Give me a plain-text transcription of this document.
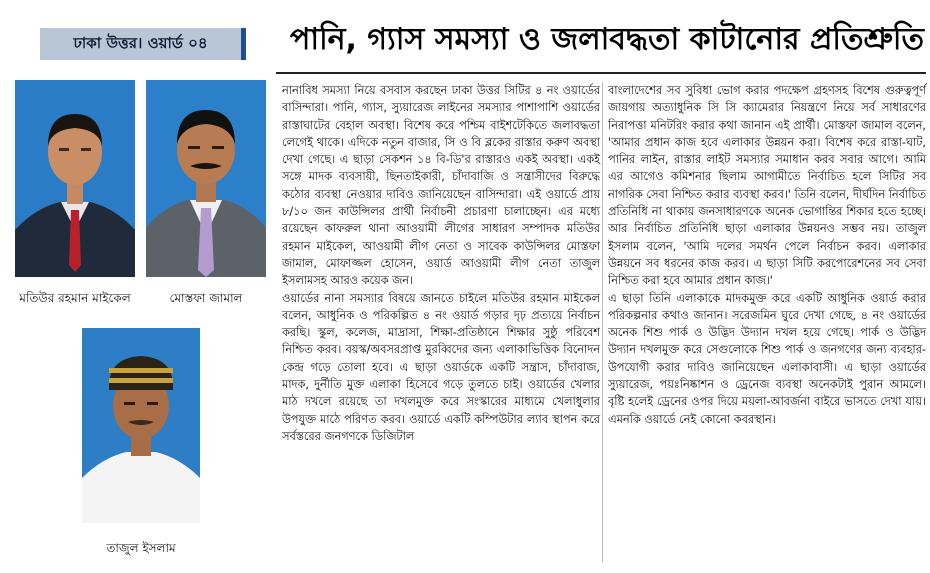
ঢাকা উত্তর। ওয়ার্ড ০৪	পানি, গ্যাস সমস্যা ও জলাবদ্ধতা কাটানোর প্রতিশ্রুতি
মতিউর রহমান মাইকেল	মোস্তফা জামাল
তাজুল ইসলাম

নানাবিধ সমস্যা নিয়ে বসবাস করছেন ঢাকা উত্তর সিটির ৪ নং ওয়ার্ডের বাসিন্দারা। পানি, গ্যাস, স্যুয়ারেজ লাইনের সমস্যার পাশাপাশি ওয়ার্ডের রাস্তাঘাটের বেহাল অবস্থা। বিশেষ করে পশ্চিম বাইশটেকিতে জলাবদ্ধতা লেগেই থাকে। এদিকে নতুন বাজার, সি ও বি ব্লকের রাস্তার করুণ অবস্থা দেখা গেছে। এ ছাড়া সেকশন ১৪ বি-ডি'র রাস্তারও একই অবস্থা। একই সঙ্গে মাদক ব্যবসায়ী, ছিনতাইকারী, চাঁদাবাজি ও সন্ত্রাসীদের বিরুদ্ধে কঠোর ব্যবস্থা নেওয়ার দাবিও জানিয়েছেন বাসিন্দারা। এই ওয়ার্ডে প্রায় ৮/১০ জন কাউন্সিলর প্রার্থী নির্বাচনী প্রচারণা চালাচ্ছেন। এর মধ্যে রয়েছেন কাফরুল থানা আওয়ামী লীগের সাধারণ সম্পাদক মতিউর রহমান মাইকেল, আওয়ামী লীগ নেতা ও সাবেক কাউন্সিলর মোস্তফা জামাল, মোফাজ্জল হোসেন, ওয়ার্ড আওয়ামী লীগ নেতা তাজুল ইসলামসহ আরও কয়েক জন।

ওয়ার্ডের নানা সমস্যার বিষয়ে জানতে চাইলে মতিউর রহমান মাইকেল বলেন, আধুনিক ও পরিকল্পিত ৪ নং ওয়ার্ড গড়ার দৃঢ় প্রত্যয়ে নির্বাচন করছি। স্কুল, কলেজ, মাদ্রাসা, শিক্ষা-প্রতিষ্ঠানে শিক্ষার সুষ্ঠু পরিবেশ নিশ্চিত করব। বয়স্ক/অবসরপ্রাপ্ত মুরব্বিদের জন্য এলাকাভিত্তিক বিনোদন কেন্দ্র গড়ে তোলা হবে। এ ছাড়া ওয়ার্ডকে একটি সন্ত্রাস, চাঁদাবাজ, মাদক, দুর্নীতি মুক্ত এলাকা হিসেবে গড়ে তুলতে চাই। ওয়ার্ডের খেলার মাঠ দখলে রয়েছে তা দখলমুক্ত করে সংস্কারের মাধ্যমে খেলাধুলার উপযুক্ত মাঠে পরিণত করব। ওয়ার্ডে একটি কম্পিউটার ল্যাব স্থাপন করে সর্বস্তরের জনগণকে ডিজিটাল

বাংলাদেশের সব সুবিধা ভোগ করার পদক্ষেপ গ্রহণসহ বিশেষ গুরুত্বপূর্ণ জায়গায় অত্যাধুনিক সি সি ক্যামেরার নিয়ন্ত্রণে নিয়ে সর্ব সাধারণের নিরাপত্তা মনিটরিং করার কথা জানান এই প্রার্থী। মোস্তফা জামাল বলেন, 'আমার প্রধান কাজ হবে এলাকার উন্নয়ন করা। বিশেষ করে রাস্তা-ঘাট, পানির লাইন, রাস্তার লাইট সমস্যার সমাধান করব সবার আগে। আমি এর আগেও কমিশনার ছিলাম আগামীতে নির্বাচিত হলে সিটির সব নাগরিক সেবা নিশ্চিত করার ব্যবস্থা করব।' তিনি বলেন, দীর্ঘদিন নির্বাচিত প্রতিনিধি না থাকায় জনসাধারণকে অনেক ভোগান্তির শিকার হতে হচ্ছে। আর নির্বাচিত প্রতিনিধি ছাড়া এলাকার উন্নয়নও সম্ভব নয়। তাজুল ইসলাম বলেন, 'আমি দলের সমর্থন পেলে নির্বাচন করব। এলাকার উন্নয়নে সব ধরনের কাজ করব। এ ছাড়া সিটি করপোরেশনের সব সেবা নিশ্চিত করা হবে আমার প্রধান কাজ।'

এ ছাড়া তিনি এলাকাকে মাদকমুক্ত করে একটি আধুনিক ওয়ার্ড করার পরিকল্পনার কথাও জানান। সরেজমিন ঘুরে দেখা গেছে, ৪ নং ওয়ার্ডের অনেক শিশু পার্ক ও উদ্ভিদ উদ্যান দখল হয়ে গেছে। পার্ক ও উদ্ভিদ উদ্যান দখলমুক্ত করে সেগুলোকে শিশু পার্ক ও জনগণের জন্য ব্যবহার-উপযোগী করার দাবিও জানিয়েছেন এলাকাবাসী। এ ছাড়া ওয়ার্ডের স্যুয়ারেজ, পয়ঃনিষ্কাশন ও ড্রেনেজ ব্যবস্থা অনেকটাই পুরান আমলে। বৃষ্টি হলেই ড্রেনের ওপর দিয়ে ময়লা-আবর্জনা বাইরে ভাসতে দেখা যায়। এমনকি ওয়ার্ডে নেই কোনো কবরস্থান।
